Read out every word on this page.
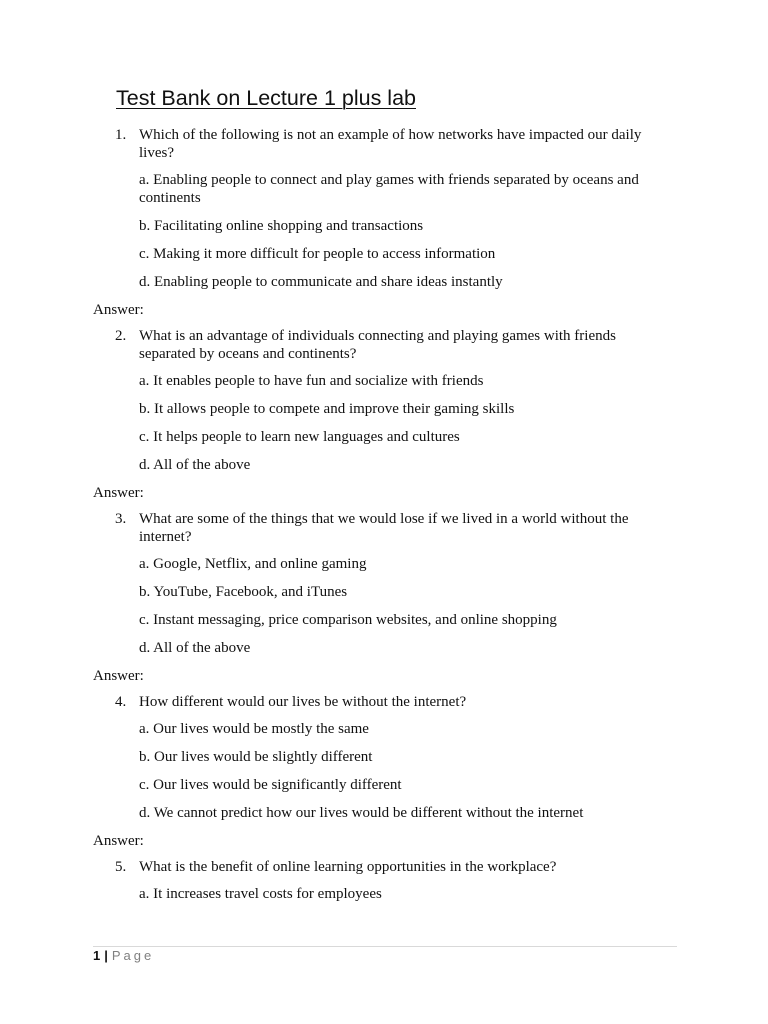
Test Bank on Lecture 1 plus lab
1. Which of the following is not an example of how networks have impacted our daily lives?
a. Enabling people to connect and play games with friends separated by oceans and continents
b. Facilitating online shopping and transactions
c. Making it more difficult for people to access information
d. Enabling people to communicate and share ideas instantly
Answer:
2. What is an advantage of individuals connecting and playing games with friends separated by oceans and continents?
a. It enables people to have fun and socialize with friends
b. It allows people to compete and improve their gaming skills
c. It helps people to learn new languages and cultures
d. All of the above
Answer:
3. What are some of the things that we would lose if we lived in a world without the internet?
a. Google, Netflix, and online gaming
b. YouTube, Facebook, and iTunes
c. Instant messaging, price comparison websites, and online shopping
d. All of the above
Answer:
4. How different would our lives be without the internet?
a. Our lives would be mostly the same
b. Our lives would be slightly different
c. Our lives would be significantly different
d. We cannot predict how our lives would be different without the internet
Answer:
5. What is the benefit of online learning opportunities in the workplace?
a. It increases travel costs for employees
1 | Page
